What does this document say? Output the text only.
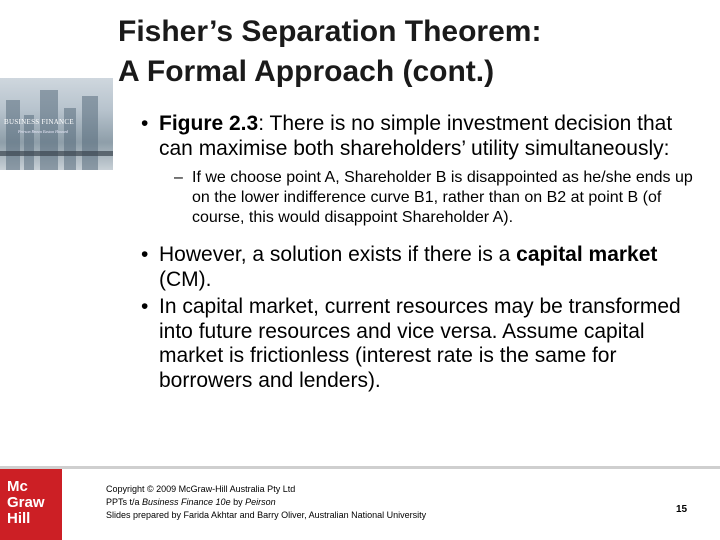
BUSINESS FINANCE
Peirson Brown Easton Howard
Fisher’s Separation Theorem:
A Formal Approach (cont.)
• Figure 2.3: There is no simple investment decision that can maximise both shareholders’ utility simultaneously:
– If we choose point A, Shareholder B is disappointed as he/she ends up on the lower indifference curve B1, rather than on B2 at point B (of course, this would disappoint Shareholder A).
• However, a solution exists if there is a capital market (CM).
• In capital market, current resources may be transformed into future resources and vice versa. Assume capital market is frictionless (interest rate is the same for borrowers and lenders).
Mc
Graw
Hill
Copyright © 2009 McGraw-Hill Australia Pty Ltd
PPTs t/a Business Finance 10e by Peirson
Slides prepared by Farida Akhtar and Barry Oliver, Australian National University	15
